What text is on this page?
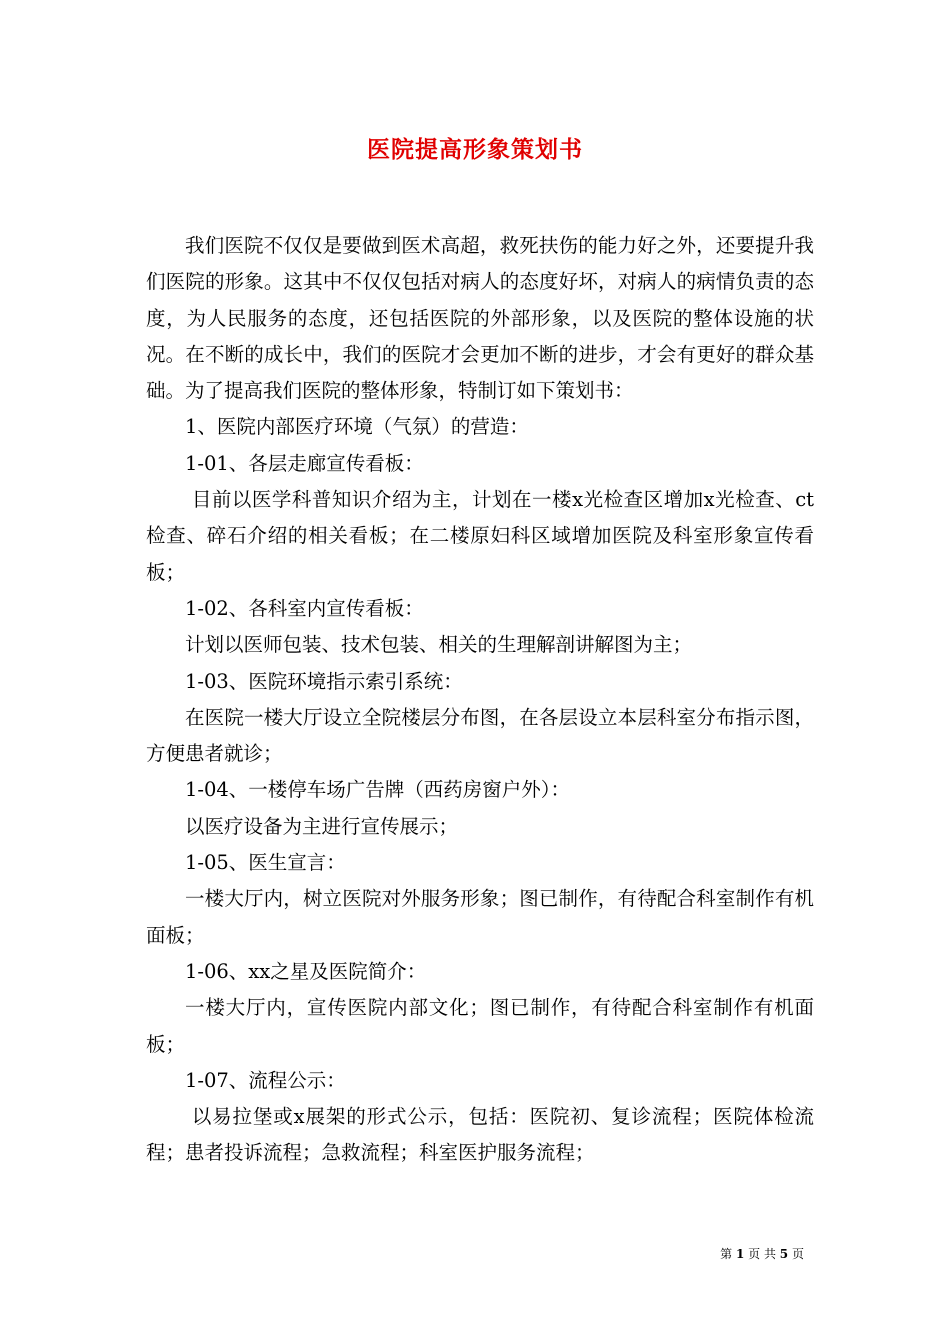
医院提高形象策划书

我们医院不仅仅是要做到医术高超，救死扶伤的能力好之外，还要提升我们医院的形象。这其中不仅仅包括对病人的态度好坏，对病人的病情负责的态度，为人民服务的态度，还包括医院的外部形象，以及医院的整体设施的状况。在不断的成长中，我们的医院才会更加不断的进步，才会有更好的群众基础。为了提高我们医院的整体形象，特制订如下策划书：

1、医院内部医疗环境（气氛）的营造：

1-01、各层走廊宣传看板：

目前以医学科普知识介绍为主，计划在一楼x光检查区增加x光检查、ct检查、碎石介绍的相关看板；在二楼原妇科区域增加医院及科室形象宣传看板；

1-02、各科室内宣传看板：

计划以医师包装、技术包装、相关的生理解剖讲解图为主；

1-03、医院环境指示索引系统：

在医院一楼大厅设立全院楼层分布图，在各层设立本层科室分布指示图，方便患者就诊；

1-04、一楼停车场广告牌（西药房窗户外）：

以医疗设备为主进行宣传展示；

1-05、医生宣言：

一楼大厅内，树立医院对外服务形象；图已制作，有待配合科室制作有机面板；

1-06、xx之星及医院简介：

一楼大厅内，宣传医院内部文化；图已制作，有待配合科室制作有机面板；

1-07、流程公示：

以易拉堡或x展架的形式公示，包括：医院初、复诊流程；医院体检流程；患者投诉流程；急救流程；科室医护服务流程；

第 1 页 共 5 页
